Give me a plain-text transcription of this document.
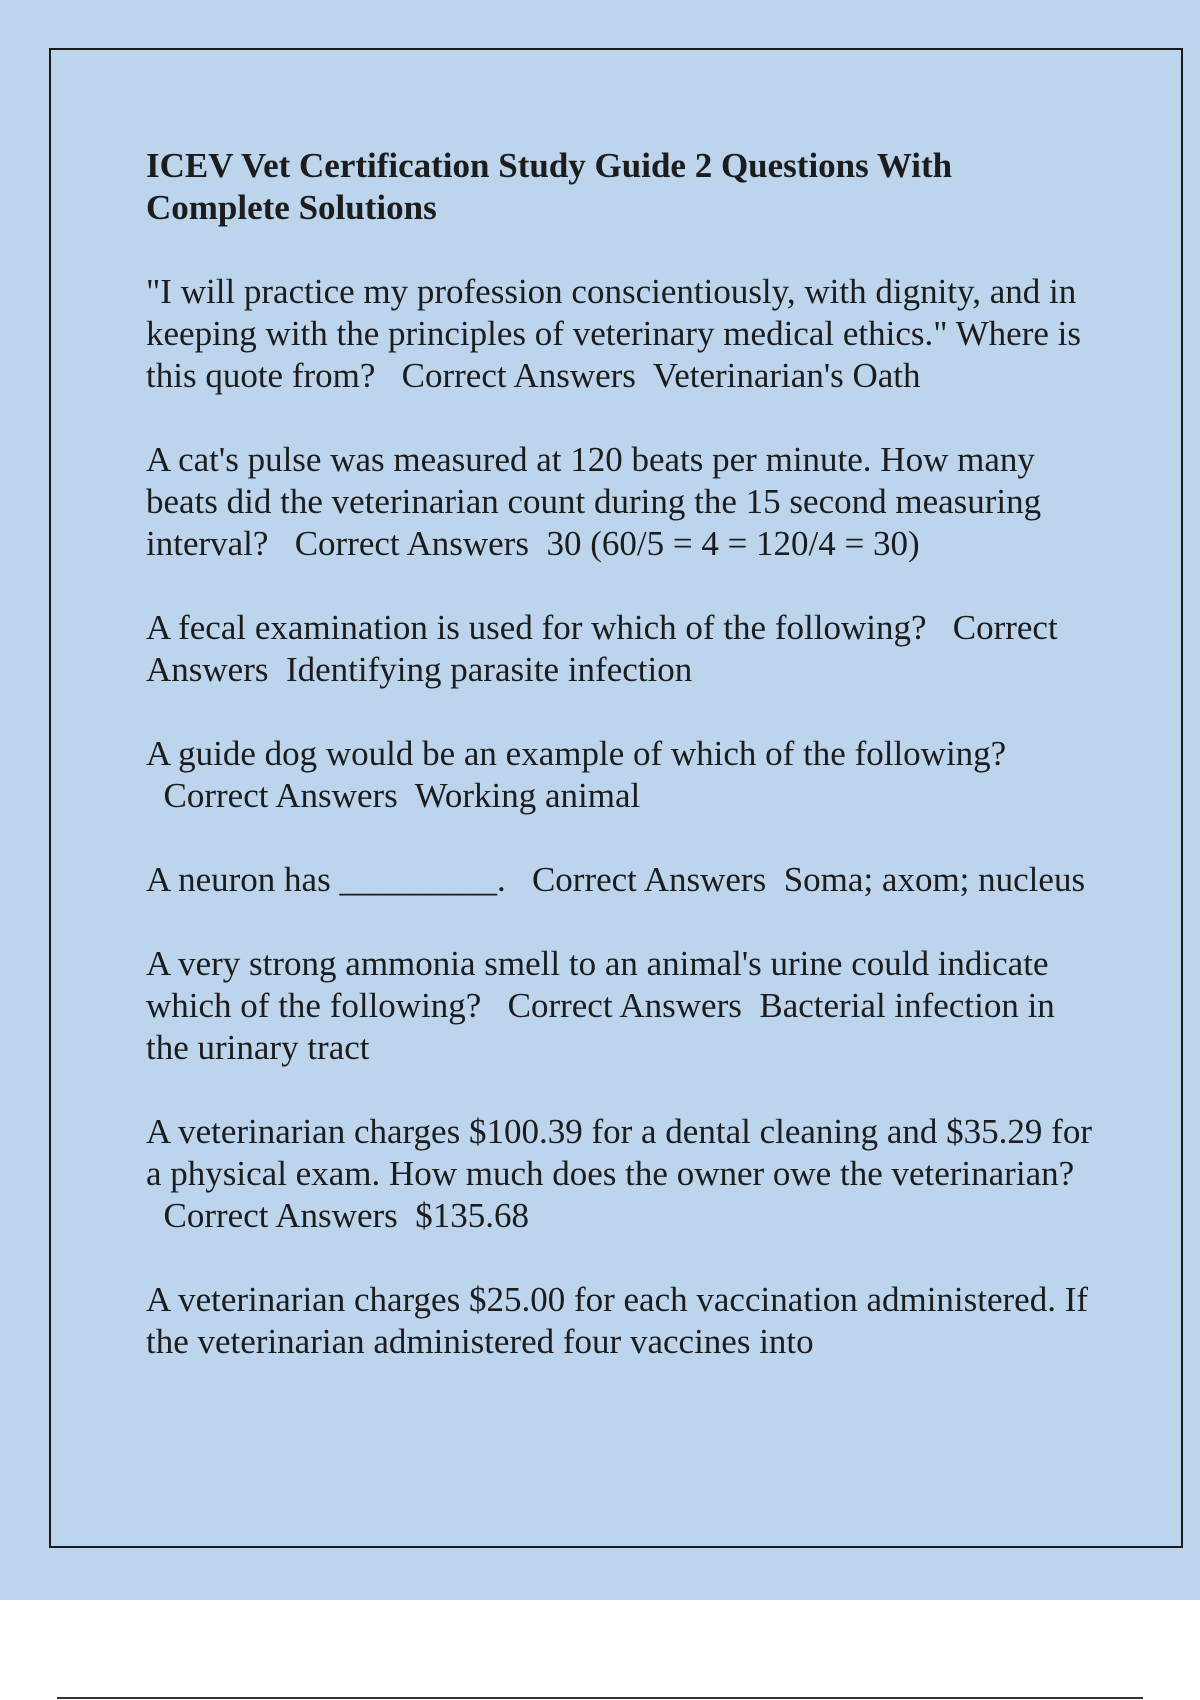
ICEV Vet Certification Study Guide 2 Questions With Complete Solutions
"I will practice my profession conscientiously, with dignity, and in keeping with the principles of veterinary medical ethics." Where is this quote from? Correct Answers Veterinarian's Oath
A cat's pulse was measured at 120 beats per minute. How many beats did the veterinarian count during the 15 second measuring interval? Correct Answers 30 (60/5 = 4 = 120/4 = 30)
A fecal examination is used for which of the following? Correct Answers Identifying parasite infection
A guide dog would be an example of which of the following?   Correct Answers Working animal
A neuron has _________. Correct Answers Soma; axom; nucleus
A very strong ammonia smell to an animal's urine could indicate which of the following? Correct Answers Bacterial infection in the urinary tract
A veterinarian charges $100.39 for a dental cleaning and $35.29 for a physical exam. How much does the owner owe the veterinarian?   Correct Answers $135.68
A veterinarian charges $25.00 for each vaccination administered. If the veterinarian administered four vaccines into
